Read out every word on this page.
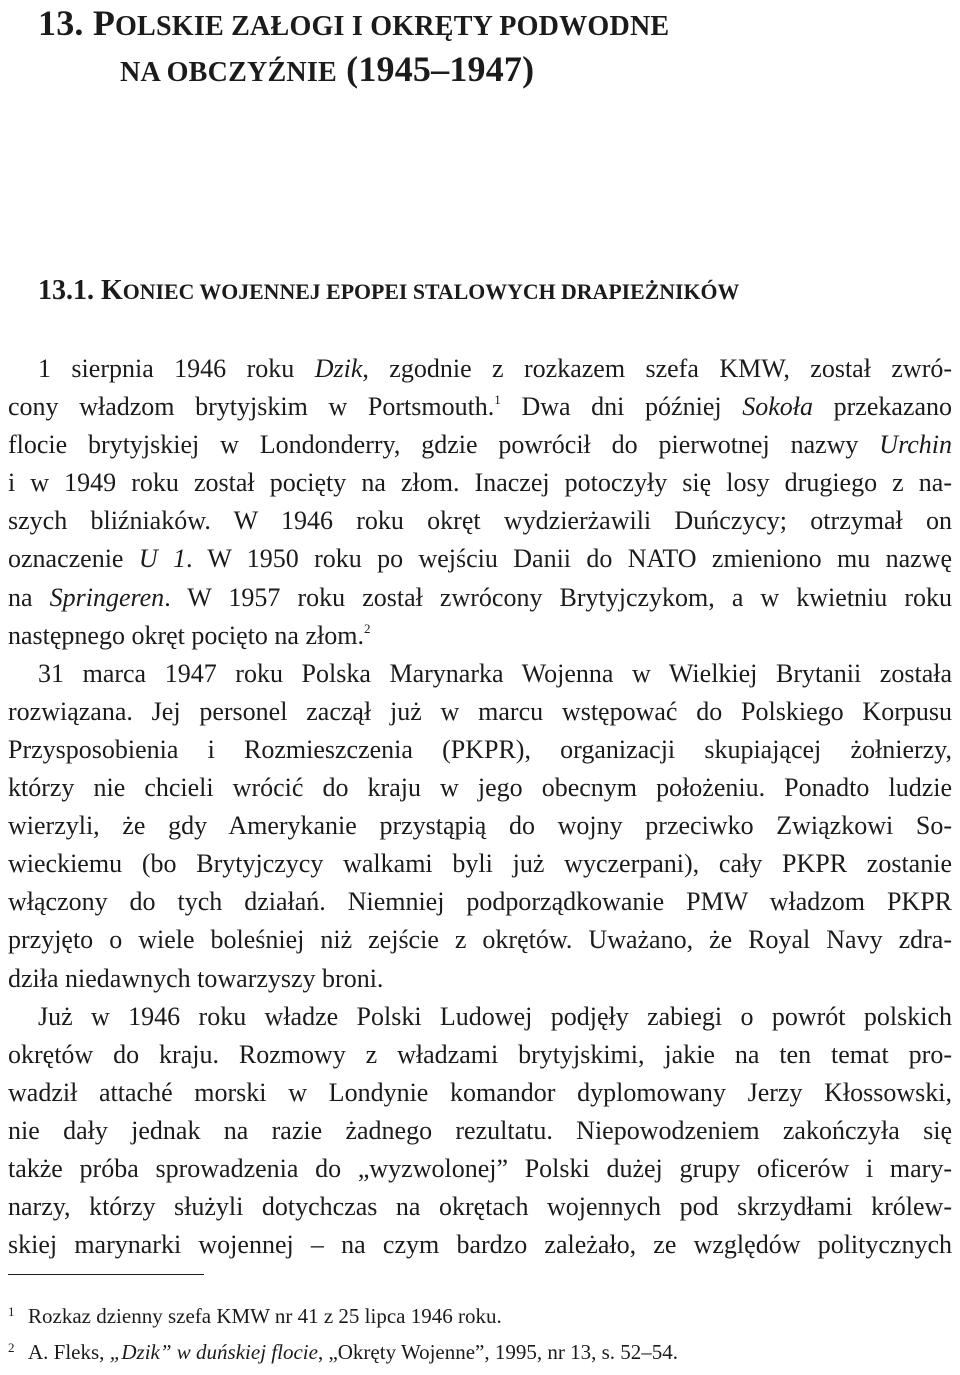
13. POLSKIE ZAŁOGI I OKRĘTY PODWODNE
NA OBCZYŹNIE (1945–1947)
13.1. KONIEC WOJENNEJ EPOPEI STALOWYCH DRAPIEŻNIKÓW
1 sierpnia 1946 roku Dzik, zgodnie z rozkazem szefa KMW, został zwró-
cony władzom brytyjskim w Portsmouth.$^1$ Dwa dni później Sokoła przekazano
flocie brytyjskiej w Londonderry, gdzie powrócił do pierwotnej nazwy Urchin
i w 1949 roku został pocięty na złom. Inaczej potoczyły się losy drugiego z na-
szych bliźniaków. W 1946 roku okręt wydzierżawili Duńczycy; otrzymał on
oznaczenie U 1. W 1950 roku po wejściu Danii do NATO zmieniono mu nazwę
na Springeren. W 1957 roku został zwrócony Brytyjczykom, a w kwietniu roku
następnego okręt pocięto na złom.$^2$
31 marca 1947 roku Polska Marynarka Wojenna w Wielkiej Brytanii została
rozwiązana. Jej personel zaczął już w marcu wstępować do Polskiego Korpusu
Przysposobienia i Rozmieszczenia (PKPR), organizacji skupiającej żołnierzy,
którzy nie chcieli wrócić do kraju w jego obecnym położeniu. Ponadto ludzie
wierzyli, że gdy Amerykanie przystąpią do wojny przeciwko Związkowi So-
wieckiemu (bo Brytyjczycy walkami byli już wyczerpani), cały PKPR zostanie
włączony do tych działań. Niemniej podporządkowanie PMW władzom PKPR
przyjęto o wiele boleśniej niż zejście z okrętów. Uważano, że Royal Navy zdra-
dziła niedawnych towarzyszy broni.
Już w 1946 roku władze Polski Ludowej podjęły zabiegi o powrót polskich
okrętów do kraju. Rozmowy z władzami brytyjskimi, jakie na ten temat pro-
wadził attaché morski w Londynie komandor dyplomowany Jerzy Kłossowski,
nie dały jednak na razie żadnego rezultatu. Niepowodzeniem zakończyła się
także próba sprowadzenia do „wyzwolonej” Polski dużej grupy oficerów i mary-
narzy, którzy służyli dotychczas na okrętach wojennych pod skrzydłami królew-
skiej marynarki wojennej – na czym bardzo zależało, ze względów politycznych
1 Rozkaz dzienny szefa KMW nr 41 z 25 lipca 1946 roku.
2 A. Fleks, „Dzik” w duńskiej flocie, „Okręty Wojenne”, 1995, nr 13, s. 52–54.
